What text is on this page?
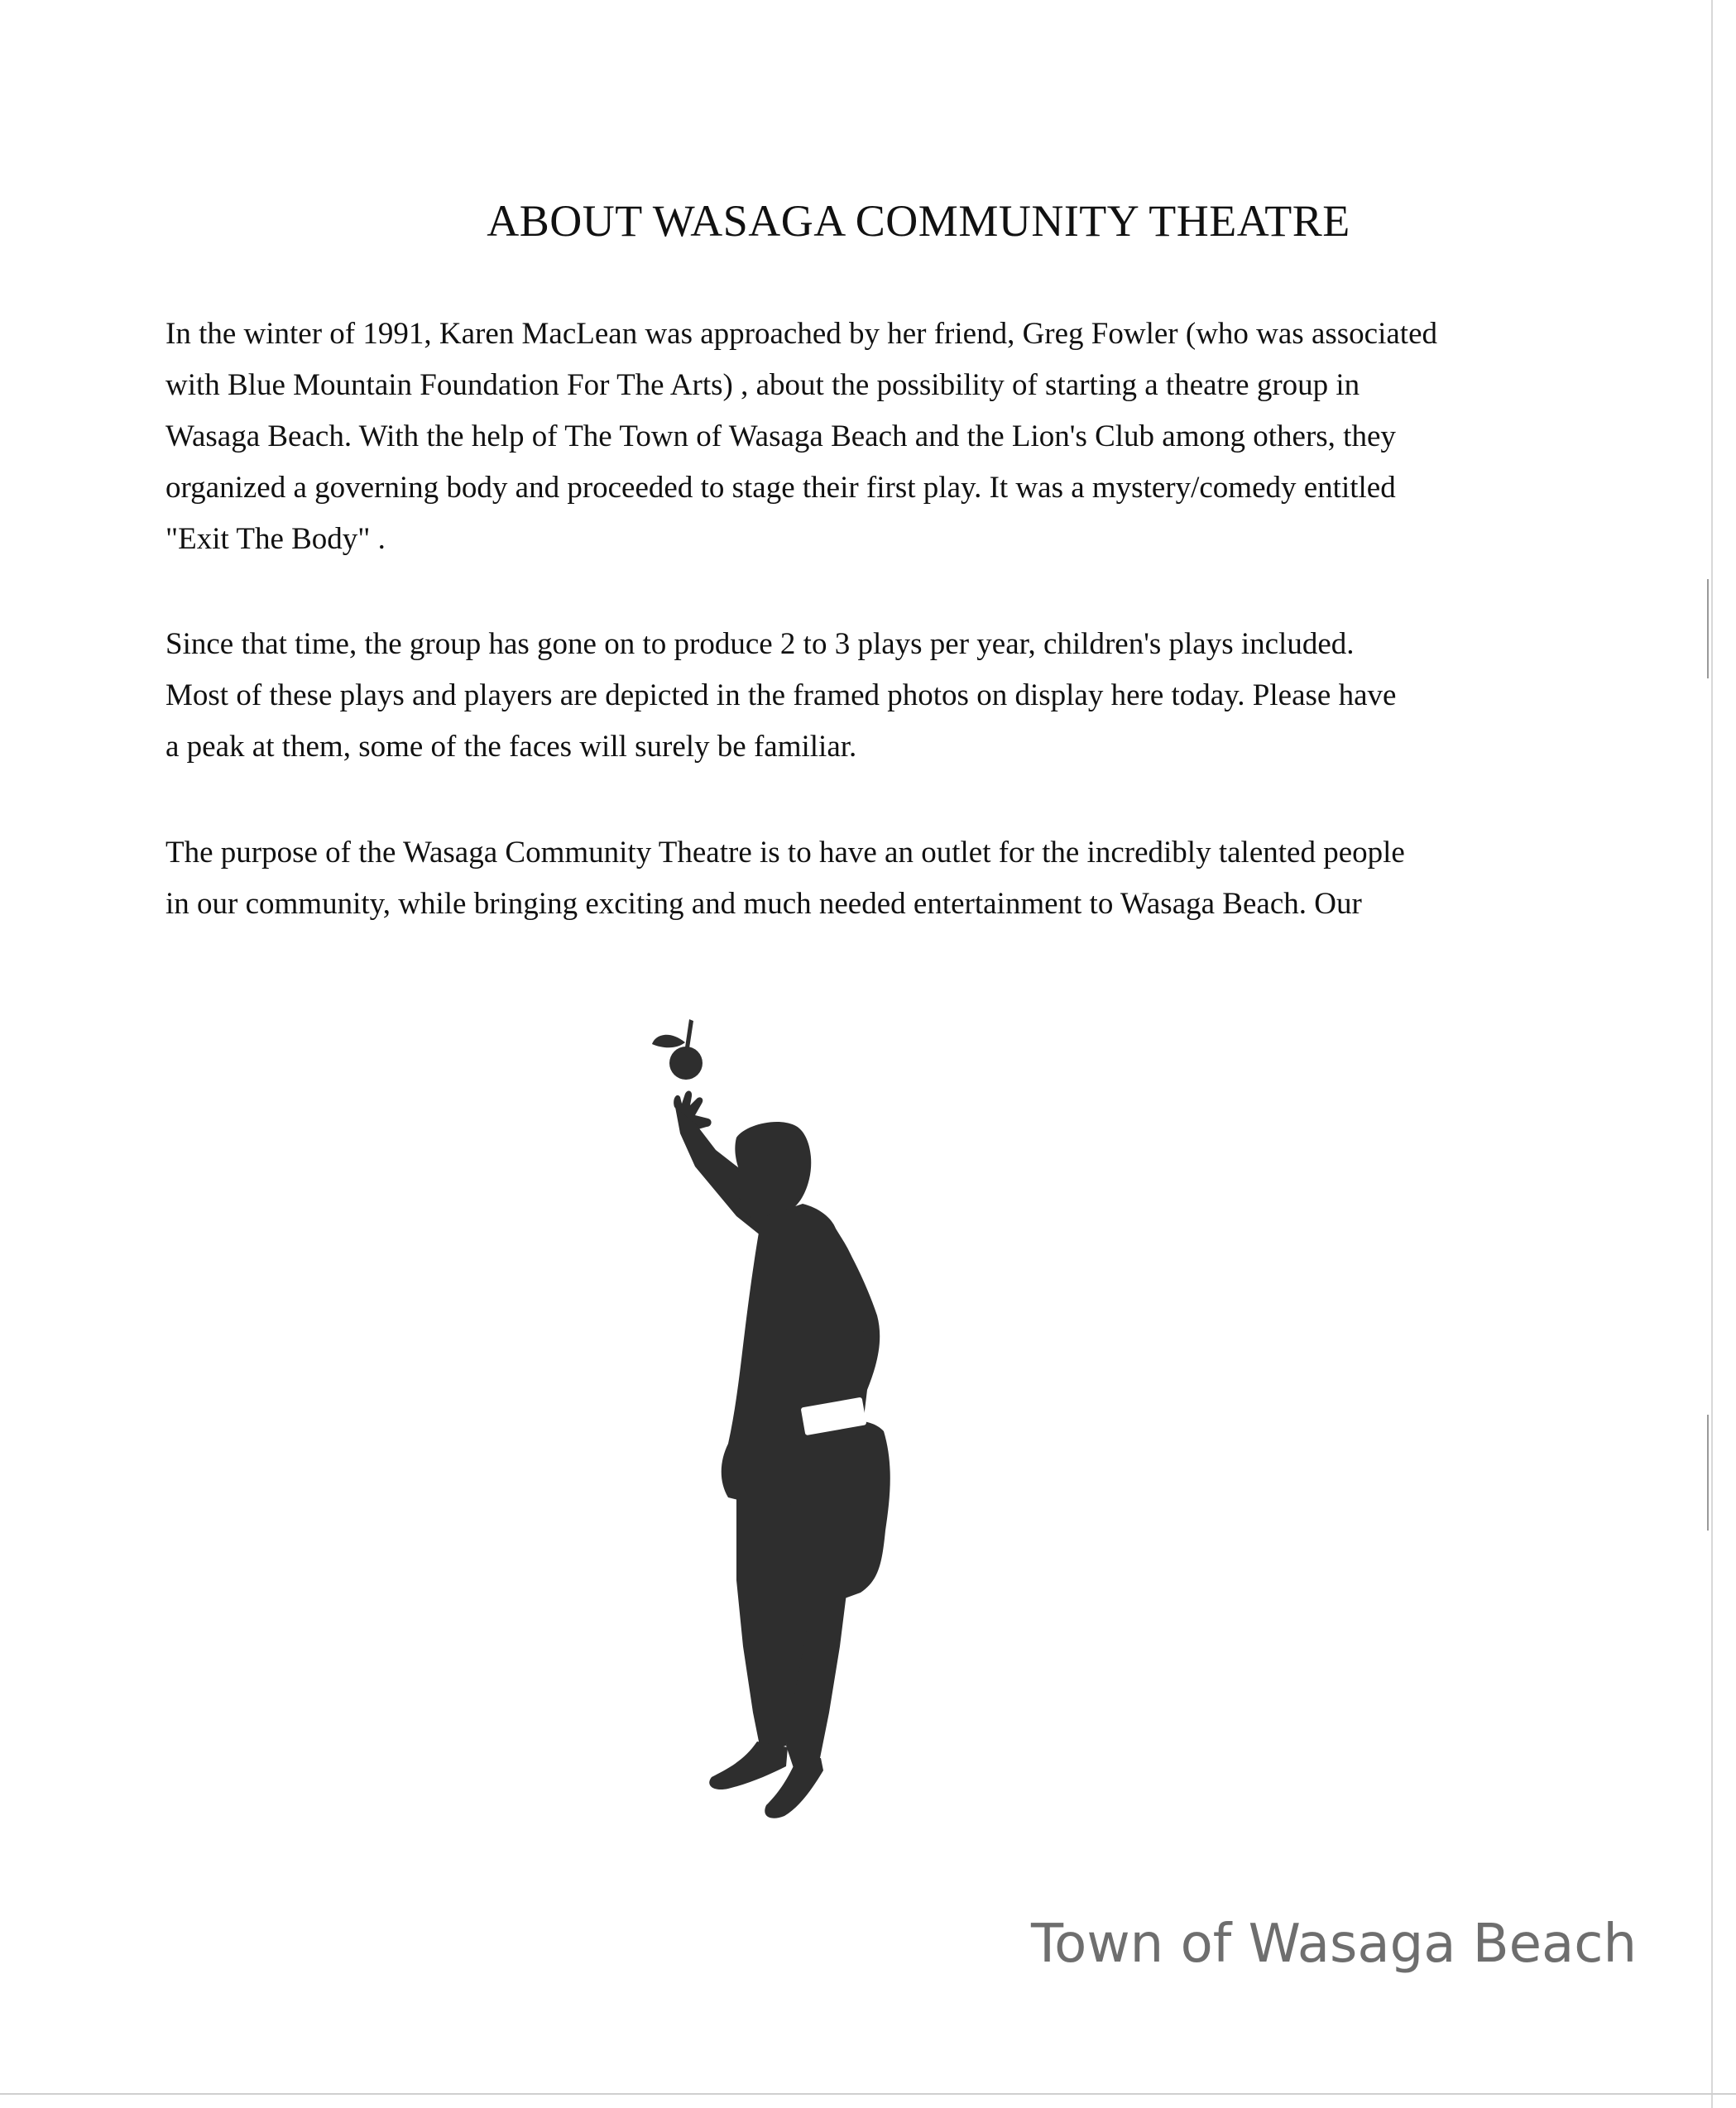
ABOUT WASAGA COMMUNITY THEATRE

In the winter of 1991, Karen MacLean was approached by her friend, Greg Fowler (who was associated
with Blue Mountain Foundation For The Arts) , about the possibility of starting a theatre group in
Wasaga Beach. With the help of The Town of Wasaga Beach and the Lion's Club among others, they
organized a governing body and proceeded to stage their first play. It was a mystery/comedy entitled
"Exit The Body" .

Since that time, the group has gone on to produce 2 to 3 plays per year, children's plays included.
Most of these plays and players are depicted in the framed photos on display here today. Please have
a peak at them, some of the faces will surely be familiar.

The purpose of the Wasaga Community Theatre is to have an outlet for the incredibly talented people
in our community, while bringing exciting and much needed entertainment to Wasaga Beach. Our

Town of Wasaga Beach
